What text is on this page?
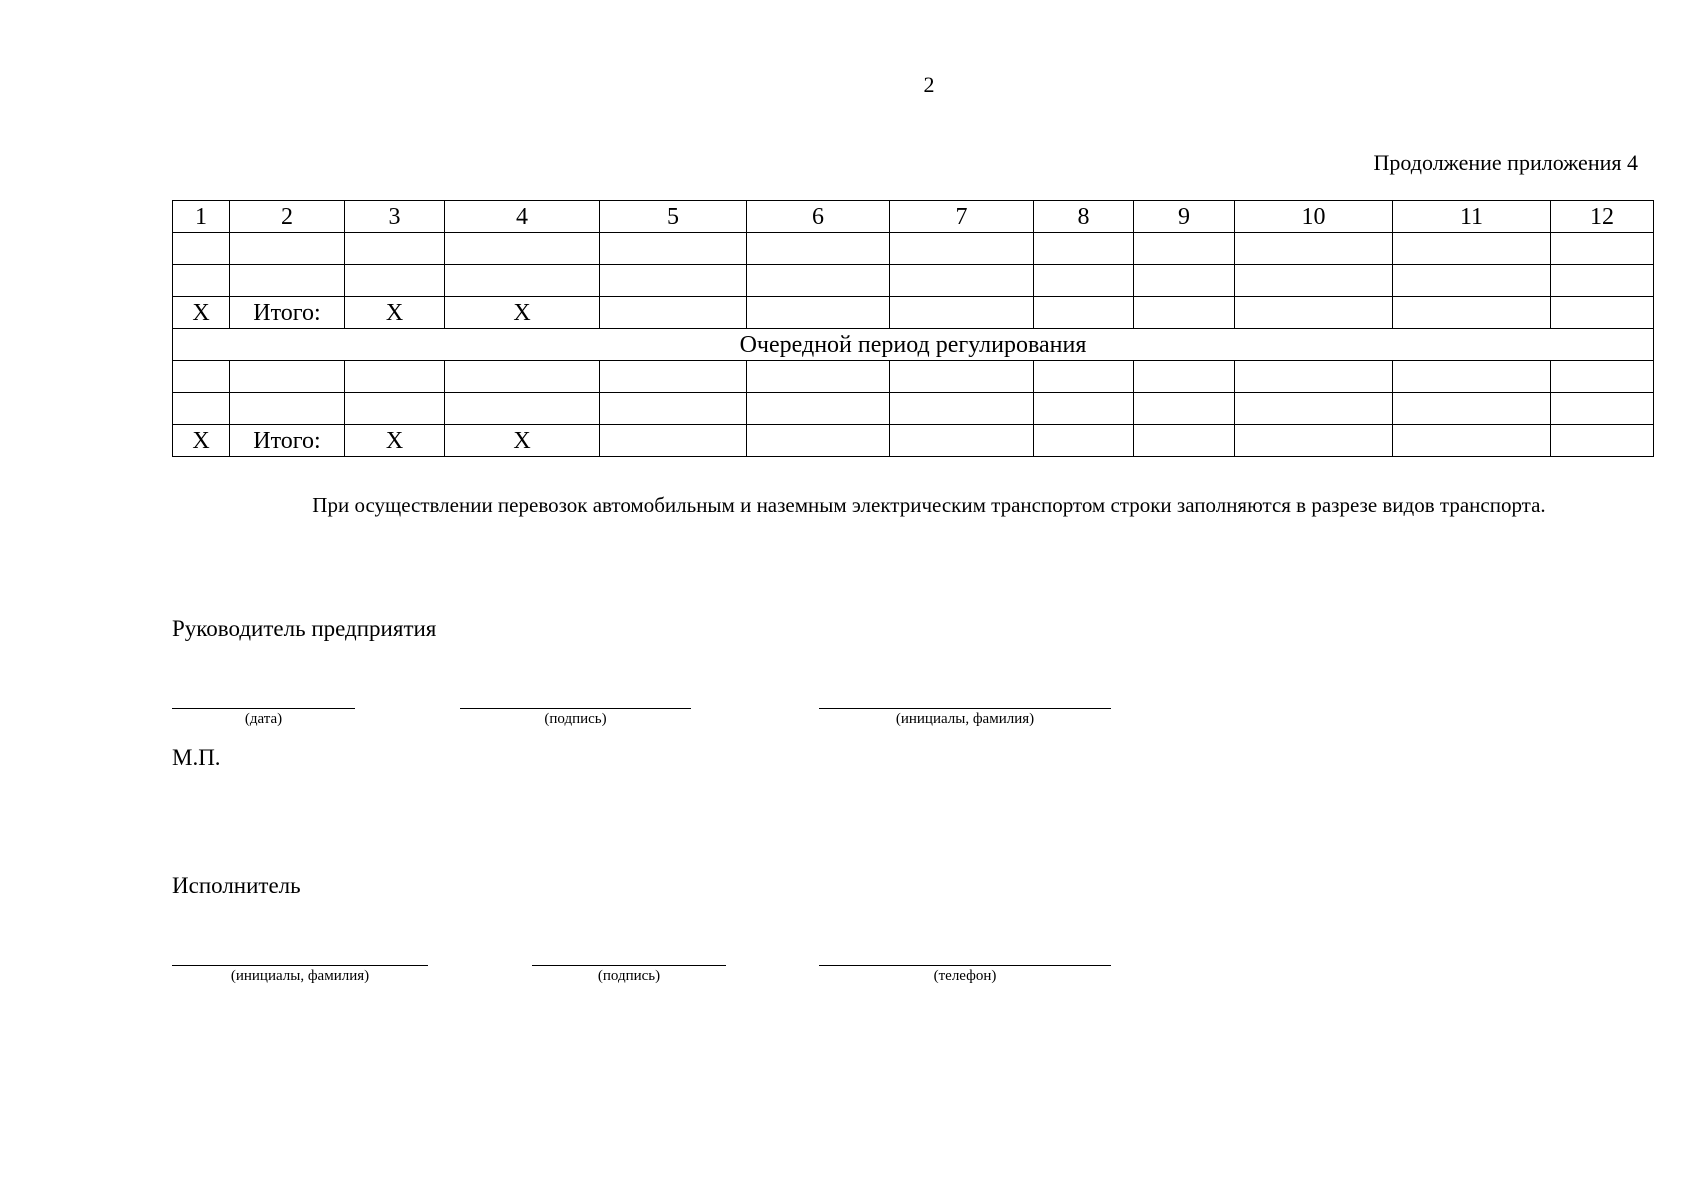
2
Продолжение приложения 4
1	2	3	4	5	6	7	8	9	10	11	12

X	Итого:	X	X								
Очередной период регулирования											

X	Итого:	X	X								
При осуществлении перевозок автомобильным и наземным электрическим транспортом строки заполняются в разрезе видов транспорта.
Руководитель предприятия
(дата)	(подпись)	(инициалы, фамилия)
М.П.
Исполнитель
(инициалы, фамилия)	(подпись)	(телефон)
